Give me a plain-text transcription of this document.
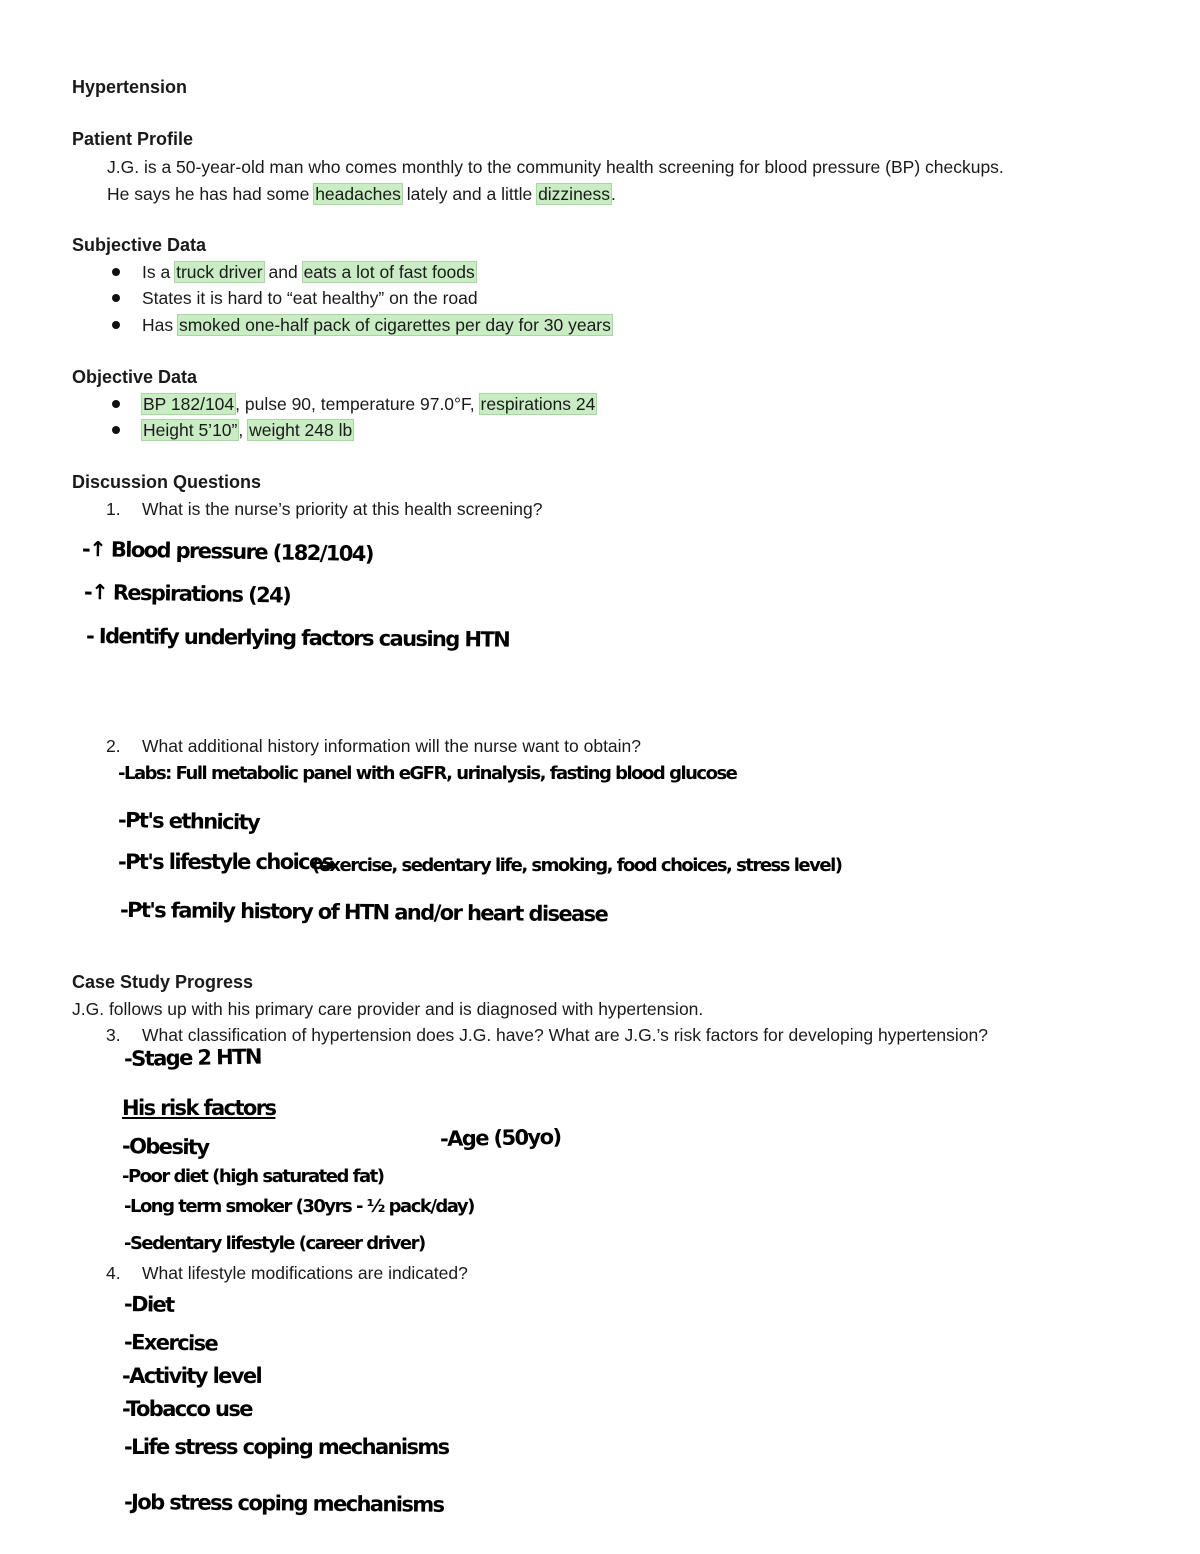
Hypertension
Patient Profile
J.G. is a 50-year-old man who comes monthly to the community health screening for blood pressure (BP) checkups.
He says he has had some headaches lately and a little dizziness.
Subjective Data
Is a truck driver and eats a lot of fast foods
States it is hard to “eat healthy” on the road
Has smoked one-half pack of cigarettes per day for 30 years
Objective Data
BP 182/104, pulse 90, temperature 97.0°F, respirations 24
Height 5’10”, weight 248 lb
Discussion Questions
1. What is the nurse’s priority at this health screening?
-↑ Blood pressure (182/104)
-↑ Respirations (24)
- Identify underlying factors causing HTN
2. What additional history information will the nurse want to obtain?
-Labs: Full metabolic panel with eGFR, urinalysis, fasting blood glucose
-Pt's ethnicity
-Pt's lifestyle choices
(exercise, sedentary life, smoking, food choices, stress level)
-Pt's family history of HTN and/or heart disease
Case Study Progress
J.G. follows up with his primary care provider and is diagnosed with hypertension.
3. What classification of hypertension does J.G. have? What are J.G.’s risk factors for developing hypertension?
-Stage 2 HTN
His risk factors
-Obesity	-Age (50yo)
-Poor diet (high saturated fat)
-Long term smoker (30yrs - ½ pack/day)
-Sedentary lifestyle (career driver)
4. What lifestyle modifications are indicated?
-Diet
-Exercise
-Activity level
-Tobacco use
-Life stress coping mechanisms
-Job stress coping mechanisms
